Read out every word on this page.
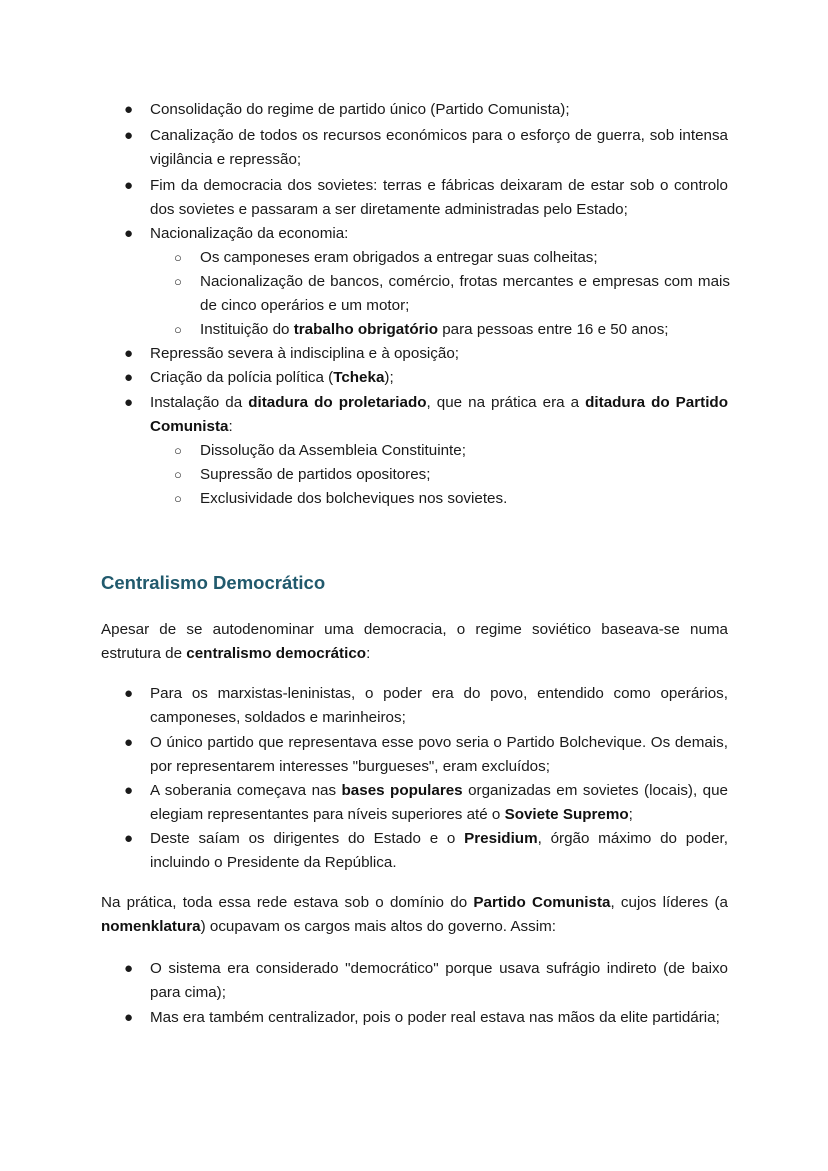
● Consolidação do regime de partido único (Partido Comunista);
● Canalização de todos os recursos económicos para o esforço de guerra, sob intensa vigilância e repressão;
● Fim da democracia dos sovietes: terras e fábricas deixaram de estar sob o controlo dos sovietes e passaram a ser diretamente administradas pelo Estado;
● Nacionalização da economia:
○ Os camponeses eram obrigados a entregar suas colheitas;
○ Nacionalização de bancos, comércio, frotas mercantes e empresas com mais de cinco operários e um motor;
○ Instituição do trabalho obrigatório para pessoas entre 16 e 50 anos;
● Repressão severa à indisciplina e à oposição;
● Criação da polícia política (Tcheka);
● Instalação da ditadura do proletariado, que na prática era a ditadura do Partido Comunista:
○ Dissolução da Assembleia Constituinte;
○ Supressão de partidos opositores;
○ Exclusividade dos bolcheviques nos sovietes.
Centralismo Democrático
Apesar de se autodenominar uma democracia, o regime soviético baseava-se numa estrutura de centralismo democrático:
● Para os marxistas-leninistas, o poder era do povo, entendido como operários, camponeses, soldados e marinheiros;
● O único partido que representava esse povo seria o Partido Bolchevique. Os demais, por representarem interesses "burgueses", eram excluídos;
● A soberania começava nas bases populares organizadas em sovietes (locais), que elegiam representantes para níveis superiores até o Soviete Supremo;
● Deste saíam os dirigentes do Estado e o Presidium, órgão máximo do poder, incluindo o Presidente da República.
Na prática, toda essa rede estava sob o domínio do Partido Comunista, cujos líderes (a nomenklatura) ocupavam os cargos mais altos do governo. Assim:
● O sistema era considerado "democrático" porque usava sufrágio indireto (de baixo para cima);
● Mas era também centralizador, pois o poder real estava nas mãos da elite partidária;
